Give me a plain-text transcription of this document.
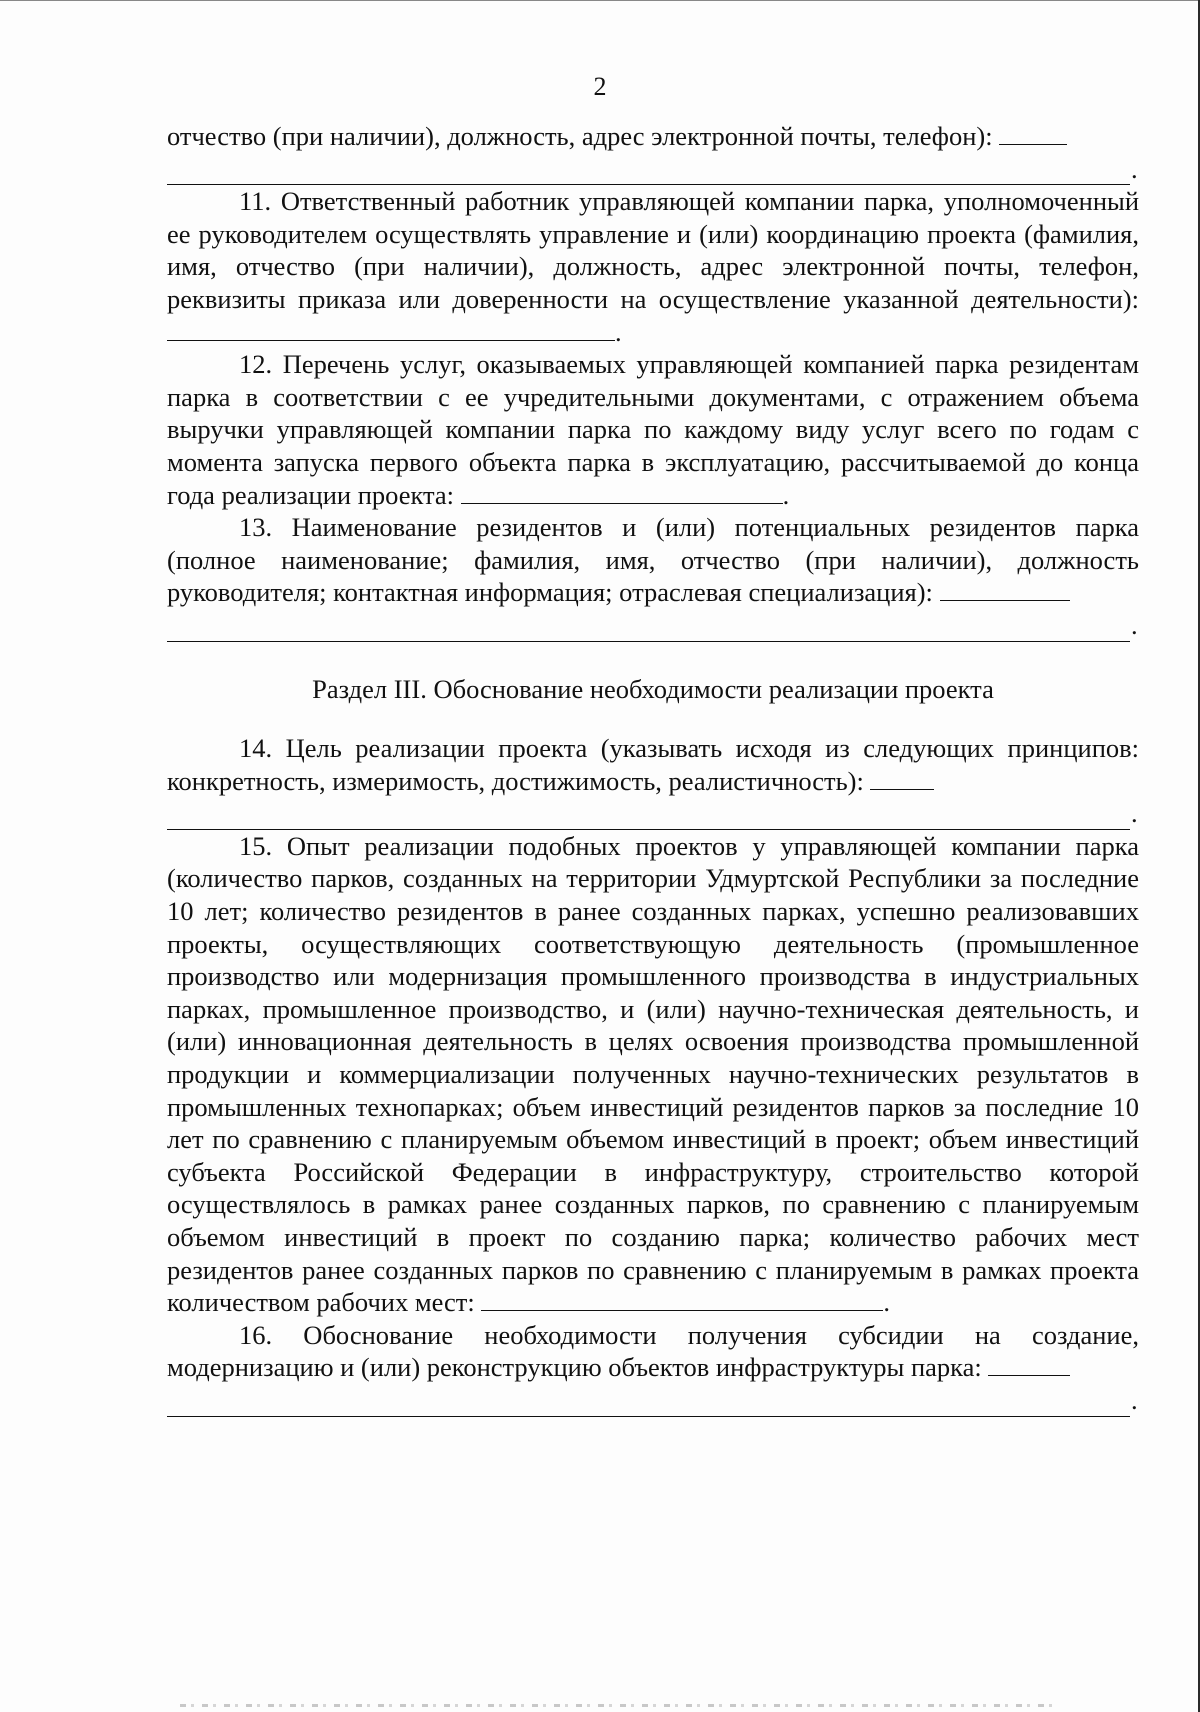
2

отчество (при наличии), должность, адрес электронной почты, телефон):

.

11. Ответственный работник управляющей компании парка, уполномоченный ее руководителем осуществлять управление и (или) координацию проекта (фамилия, имя, отчество (при наличии), должность, адрес электронной почты, телефон, реквизиты приказа или доверенности на осуществление указанной деятельности): .

12. Перечень услуг, оказываемых управляющей компанией парка резидентам парка в соответствии с ее учредительными документами, с отражением объема выручки управляющей компании парка по каждому виду услуг всего по годам с момента запуска первого объекта парка в эксплуатацию, рассчитываемой до конца года реализации проекта:	.

13. Наименование резидентов и (или) потенциальных резидентов парка (полное наименование; фамилия, имя, отчество (при наличии), должность руководителя; контактная информация; отраслевая специализация):

.

Раздел III. Обоснование необходимости реализации проекта

14. Цель реализации проекта (указывать исходя из следующих принципов: конкретность, измеримость, достижимость, реалистичность):

.

15. Опыт реализации подобных проектов у управляющей компании парка (количество парков, созданных на территории Удмуртской Республики за последние 10 лет; количество резидентов в ранее созданных парках, успешно реализовавших проекты, осуществляющих соответствующую деятельность (промышленное производство или модернизация промышленного производства в индустриальных парках, промышленное производство, и (или) научно-техническая деятельность, и (или) инновационная деятельность в целях освоения производства промышленной продукции и коммерциализации полученных научно-технических результатов в промышленных технопарках; объем инвестиций резидентов парков за последние 10 лет по сравнению с планируемым объемом инвестиций в проект; объем инвестиций субъекта Российской Федерации в инфраструктуру, строительство которой осуществлялось в рамках ранее созданных парков, по сравнению с планируемым объемом инвестиций в проект по созданию парка; количество рабочих мест резидентов ранее созданных парков по сравнению с планируемым в рамках проекта количеством рабочих мест:	.

16. Обоснование необходимости получения субсидии на создание, модернизацию и (или) реконструкцию объектов инфраструктуры парка:

.
